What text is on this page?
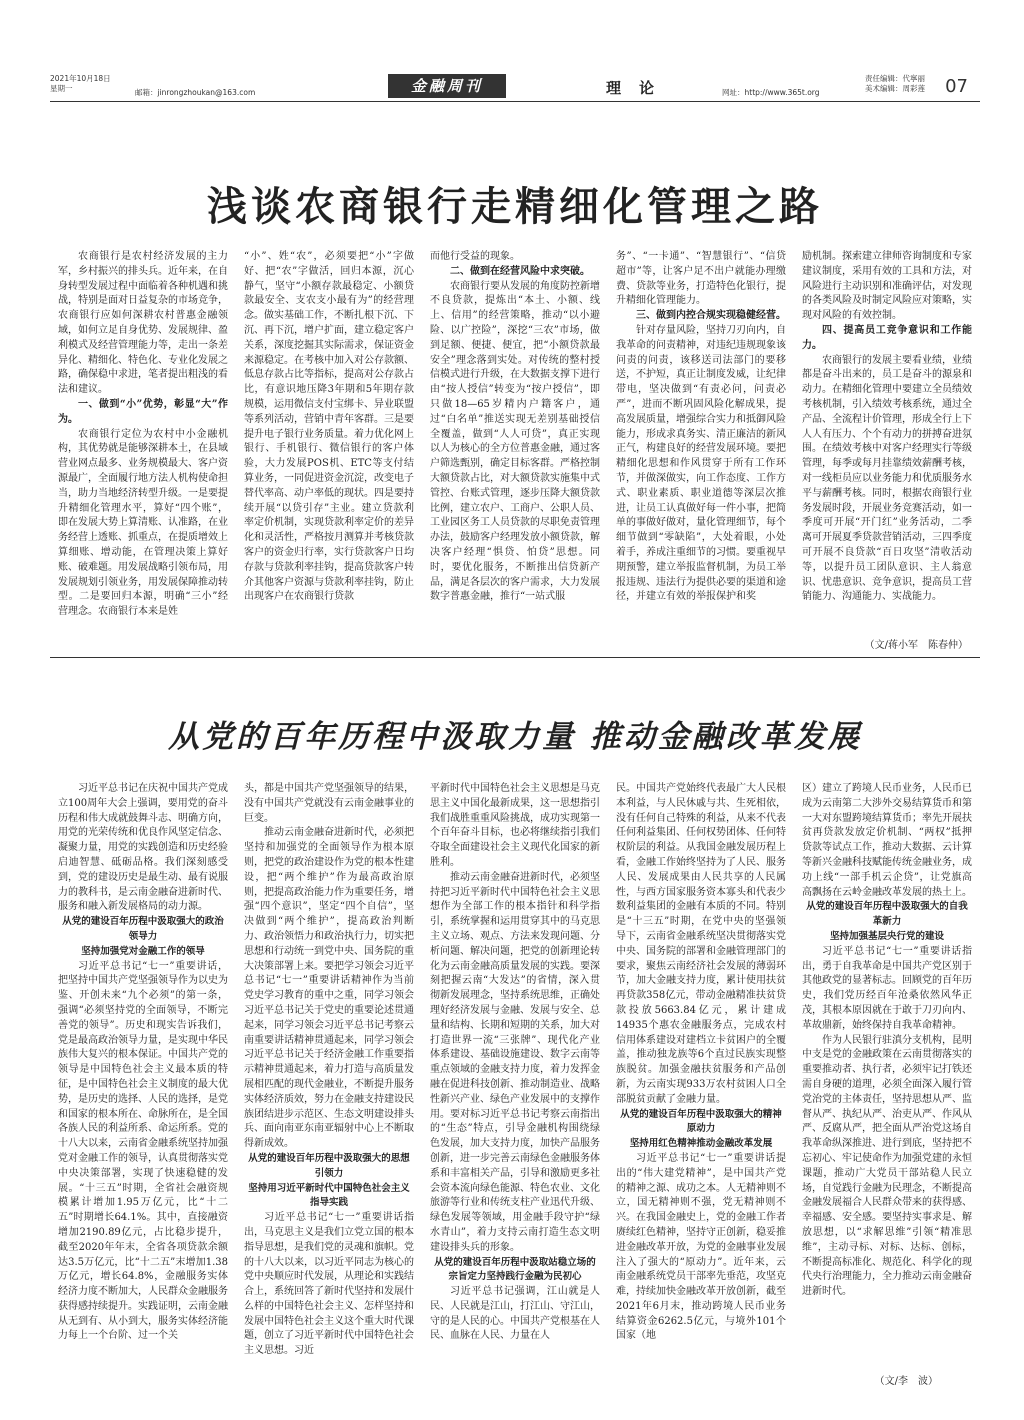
2021年10月18日
星期一	邮箱：jinrongzhoukan@163.com	金融周刊	理论	网址：http://www.365t.org
责任编辑：代寧丽
美术编辑：周彩莲 07
浅谈农商银行走精细化管理之路

农商银行是农村经济发展的主力军，乡村振兴的排头兵。近年来，在自身转型发展过程中面临着各种机遇和挑战，特别是面对日益复杂的市场竞争，农商银行应如何深耕农村普惠金融领域，如何立足自身优势、发展规律、盈利模式及经营管理能力等，走出一条差异化、精细化、特色化、专业化发展之路，确保稳中求进，笔者提出粗浅的看法和建议。

一、做到“小”优势，彰显“大”作为。

农商银行定位为农村中小金融机构，其优势就是能够深耕本土，在县域营业网点最多、业务规模最大、客户资源最广，全面履行地方法人机构使命担当，助力当地经济转型升级。一是要提升精细化管理水平，算好“四个账”，即在发展大势上算清账、认准路，在业务经营上透账、抓重点，在提质增效上算细账、增动能，在管理决策上算好账、破难题。用发展战略引领布局，用发展规划引领业务，用发展保障推动转型。二是要回归本源，明确“三小”经营理念。农商银行本来是姓

“小”、姓“农”，必须要把“小”字做好、把“农”字做活，回归本源，沉心静气，坚守“小额存款最稳定、小额贷款最安全、支农支小最有为”的经营理念。做实基础工作，不断扎根下沉、下沉、再下沉，增户扩面，建立稳定客户关系，深度挖掘其实际需求，保证资金来源稳定。在考核中加入对公存款额、低息存款占比等指标，提高对公存款占比，有意识地压降3年期和5年期存款规模，运用微信支付宝绑卡、异业联盟等系列活动，营销中青年客群。三是要提升电子银行业务质量。着力优化网上银行、手机银行、微信银行的客户体验，大力发展POS机、ETC等支付结算业务，一同促进资金沉淀，改变电子替代率高、动户率低的现状。四是要持续开展“以贷引存”主业。建立贷款利率定价机制，实现贷款利率定价的差异化和灵活性，严格按月测算并考核贷款客户的资金归行率，实行贷款客户日均存款与贷款利率挂钩，提高贷款客户转介其他客户资源与贷款利率挂钩，防止出现客户在农商银行贷款

而他行受益的现象。

二、做到在经营风险中求突破。

农商银行要从发展的角度防控新增不良贷款，提炼出“本土、小额、线上、信用”的经营策略，推动“以小避险、以广控险”，深挖“三农”市场，做到足额、便捷、便宜，把“小额贷款最安全”理念落到实处。对传统的整村授信模式进行升级，在大数据支撑下进行由“按人授信”转变为“按户授信”，即只做18—65岁精内户籍客户，通过“白名单”推送实现无差别基础授信全覆盖，做到“人人可贷”，真正实现以人为核心的全方位普惠金融，通过客户筛选甄别，确定目标客群。严格控制大额贷款占比，对大额贷款实施集中式管控、台账式管理，逐步压降大额贷款比例，建立农户、工商户、公职人员、工业园区务工人员贷款的尽职免责管理办法，鼓励客户经理发放小额贷款，解决客户经理“惧贷、怕贷”思想。同时，要优化服务，不断推出信贷新产品，满足各层次的客户需求，大力发展数字普惠金融，推行“一站式服

务”、“一卡通”、“智慧银行”、“信贷超市”等，让客户足不出户就能办理缴费、贷款等业务，打造特色化银行，提升精细化管理能力。

三、做到内控合规实现稳健经营。

针对存量风险，坚持刀刃向内，自我革命的问责精神，对违纪违规现象该问责的问责，该移送司法部门的要移送，不护短，真正让制度发威，让纪律带电，坚决做到“有责必问，问责必严”，进而不断巩固风险化解成果，提高发展质量，增强综合实力和抵御风险能力，形成求真务实、清正廉洁的新风正气，构建良好的经营发展环境。要把精细化思想和作风贯穿于所有工作环节，并做深做实，向工作态度、工作方式、职业素质、职业道德等深层次推进，让员工认真做好每一件小事，把简单的事做好做对，量化管理细节，每个细节做到“零缺陷”，大处着眼，小处着手，养成注重细节的习惯。要重视早期预警，建立举报监督机制，为员工举报违规、违法行为提供必要的渠道和途径，并建立有效的举报保护和奖

励机制。探索建立律师咨询制度和专家建议制度，采用有效的工具和方法，对风险进行主动识别和准确评估，对发现的各类风险及时制定风险应对策略，实现对风险的有效控制。

四、提高员工竞争意识和工作能力。

农商银行的发展主要看业绩，业绩都是奋斗出来的，员工是奋斗的源泉和动力。在精细化管理中要建立全员绩效考核机制，引入绩效考核系统，通过全产品、全流程计价管理，形成全行上下人人有压力、个个有动力的拼搏奋进氛围。在绩效考核中对客户经理实行等级管理，每季或每月挂靠绩效薪酬考核，对一线柜员应以业务能力和优质服务水平与薪酬考核。同时，根据农商银行业务发展时段，开展业务竞赛活动，如一季度可开展“开门红”业务活动，二季离可开展夏季贷款营销活动，三四季度可开展不良贷款“百日攻坚”清收活动等，以提升员工团队意识、主人翁意识、忧患意识、竞争意识，提高员工营销能力、沟通能力、实战能力。

（文/蒋小军　陈春仲）
从党的百年历程中汲取力量 推动金融改革发展

习近平总书记在庆祝中国共产党成立100周年大会上强调，要用党的奋斗历程和伟大成就鼓舞斗志、明确方向，用党的光荣传统和优良作风坚定信念、凝聚力量，用党的实践创造和历史经验启迪智慧、砥砺品格。我们深刻感受到，党的建设历史是最生动、最有说服力的教科书，是云南金融奋进新时代、服务和融入新发展格局的动力源。

从党的建设百年历程中汲取强大的政治领导力

坚持加强党对金融工作的领导

习近平总书记“七一”重要讲话，把坚持中国共产党坚强领导作为以史为鉴、开创未来“九个必须”的第一条，强调“必须坚持党的全面领导，不断完善党的领导”。历史和现实告诉我们，党是最高政治领导力量，是实现中华民族伟大复兴的根本保证。中国共产党的领导是中国特色社会主义最本质的特征，是中国特色社会主义制度的最大优势，是历史的选择、人民的选择，是党和国家的根本所在、命脉所在，是全国各族人民的利益所系、命运所系。党的十八大以来，云南省金融系统坚持加强党对金融工作的领导，认真贯彻落实党中央决策部署，实现了快速稳健的发展。“十三五”时期，全省社会融资规模累计增加1.95万亿元，比“十二五”时期增长64.1%。其中，直接融资增加2190.89亿元，占比稳步提升，截至2020年年末，全省各项贷款余额达3.5万亿元，比“十二五”末增加1.38万亿元，增长64.8%，金融服务实体经济力度不断加大，人民群众金融服务获得感持续提升。实践证明，云南金融从无到有、从小到大，服务实体经济能力每上一个台阶、过一个关

头，都是中国共产党坚强领导的结果，没有中国共产党就没有云南金融事业的巨变。

推动云南金融奋进新时代，必须把坚持和加强党的全面领导作为根本原则，把党的政治建设作为党的根本性建设，把“两个维护”作为最高政治原则，把提高政治能力作为重要任务，增强“四个意识”，坚定“四个自信”，坚决做到“两个维护”，提高政治判断力、政治领悟力和政治执行力，切实把思想和行动统一到党中央、国务院的重大决策部署上来。要把学习领会习近平总书记“七一”重要讲话精神作为当前党史学习教育的重中之重，同学习领会习近平总书记关于党史的重要论述贯通起来，同学习领会习近平总书记考察云南重要讲话精神贯通起来，同学习领会习近平总书记关于经济金融工作重要指示精神贯通起来，着力打造与高质量发展相匹配的现代金融业，不断提升服务实体经济质效，努力在金融支持建设民族团结进步示范区、生态文明建设排头兵、面向南亚东南亚辐射中心上不断取得新成效。

从党的建设百年历程中汲取强大的思想引领力

坚持用习近平新时代中国特色社会主义指导实践

习近平总书记“七一”重要讲话指出，马克思主义是我们立党立国的根本指导思想，是我们党的灵魂和旗帜。党的十八大以来，以习近平同志为核心的党中央顺应时代发展，从理论和实践结合上，系统回答了新时代坚持和发展什么样的中国特色社会主义、怎样坚持和发展中国特色社会主义这个重大时代课题，创立了习近平新时代中国特色社会主义思想。习近

平新时代中国特色社会主义思想是马克思主义中国化最新成果，这一思想指引我们战胜重重风险挑战，成功实现第一个百年奋斗目标，也必将继续指引我们夺取全面建设社会主义现代化国家的新胜利。

推动云南金融奋进新时代，必须坚持把习近平新时代中国特色社会主义思想作为全部工作的根本指针和科学指引，系统掌握和运用贯穿其中的马克思主义立场、观点、方法来发现问题、分析问题、解决问题，把党的创新理论转化为云南金融高质量发展的实践。要深刻把握云南“大发达”的省情，深入贯彻新发展理念，坚持系统思维，正确处理好经济发展与金融、发展与安全、总量和结构、长期和短期的关系，加大对打造世界一流“三张牌”、现代化产业体系建设、基础设施建设、数字云南等重点领域的金融支持力度，着力发挥金融在促进科技创新、推动制造业、战略性新兴产业、绿色产业发展中的支撑作用。要对标习近平总书记考察云南指出的“生态”特点，引导金融机构围绕绿色发展，加大支持力度，加快产品服务创新，进一步完善云南绿色金融服务体系和丰富相关产品，引导和激励更多社会资本流向绿色能源、特色农业、文化旅游等行业和传统支柱产业迅代升级、绿色发展等领域，用金融手段守护“绿水青山”，着力支持云南打造生态文明建设排头兵的形象。

从党的建设百年历程中汲取站稳立场的宗旨定力坚持践行金融为民初心

习近平总书记强调，江山就是人民、人民就是江山，打江山、守江山，守的是人民的心。中国共产党根基在人民、血脉在人民、力量在人

民。中国共产党始终代表最广大人民根本利益，与人民休戚与共、生死相依，没有任何自己特殊的利益，从来不代表任何利益集团、任何权势团体、任何特权阶层的利益。从我国金融发展历程上看，金融工作始终坚持为了人民、服务人民、发展成果由人民共享的人民属性，与西方国家服务资本寡头和代表少数利益集团的金融有本质的不同。特别是“十三五”时期，在党中央的坚强领导下，云南省金融系统坚决贯彻落实党中央、国务院的部署和金融管理部门的要求，聚焦云南经济社会发展的薄弱环节，加大金融支持力度，累计使用扶贫再贷款358亿元，带动金融精准扶贫贷款投放5663.84亿元，累计建成14935个惠农金融服务点，完成农村信用体系建设对建档立卡贫困户的全覆盖，推动独龙族等6个直过民族实现整族脱贫。加强金融扶贫服务和产品创新，为云南实现933万农村贫困人口全部脱贫贡献了金融力量。

从党的建设百年历程中汲取强大的精神原动力

坚持用红色精神推动金融改革发展

习近平总书记“七一”重要讲话提出的“伟大建党精神”，是中国共产党的精神之源、成功之本。人无精神则不立，国无精神则不强，党无精神则不兴。在我国金融史上，党的金融工作者赓续红色精神，坚持守正创新，稳妥推进金融改革开放，为党的金融事业发展注入了强大的“原动力”。近年来，云南金融系统党员干部率先垂范，攻坚克难，持续加快金融改革开放创新，截至2021年6月末，推动跨境人民币业务结算资金6262.5亿元，与境外101个国家（地

区）建立了跨境人民币业务，人民币已成为云南第二大涉外交易结算货币和第一大对东盟跨境结算货币；率先开展扶贫再贷款发放定价机制、“两权”抵押贷款等试点工作，推动大数据、云计算等新兴金融科技赋能传统金融业务，成功上线“一部手机云企贷”，让党旗高高飘扬在云岭金融改革发展的热土上。

从党的建设百年历程中汲取强大的自我革新力

坚持加强基层央行党的建设

习近平总书记“七一”重要讲话指出，勇于自我革命是中国共产党区别于其他政党的显著标志。回顾党的百年历史，我们党历经百年沧桑依然风华正茂，其根本原因就在于敢于刀刃向内、革故鼎新，始终保持自我革命精神。

作为人民银行驻滇分支机构，昆明中支是党的金融政策在云南贯彻落实的重要推动者、执行者，必须牢记打铁还需自身硬的道理，必须全面深入履行管党治党的主体责任，坚持思想从严、监督从严、执纪从严、治吏从严、作风从严、反腐从严，把全面从严治党这场自我革命纵深推进、进行到底，坚持把不忘初心、牢记使命作为加强党建的永恒课题，推动广大党员干部站稳人民立场，自觉践行金融为民理念，不断提高金融发展福合人民群众带来的获得感、幸福感、安全感。要坚持实事求是、解放思想，以“求解思维”引领“精准思维”，主动寻标、对标、达标、创标，不断提高标准化、规范化、科学化的现代央行治理能力，全力推动云南金融奋进新时代。

（文/李　波）
